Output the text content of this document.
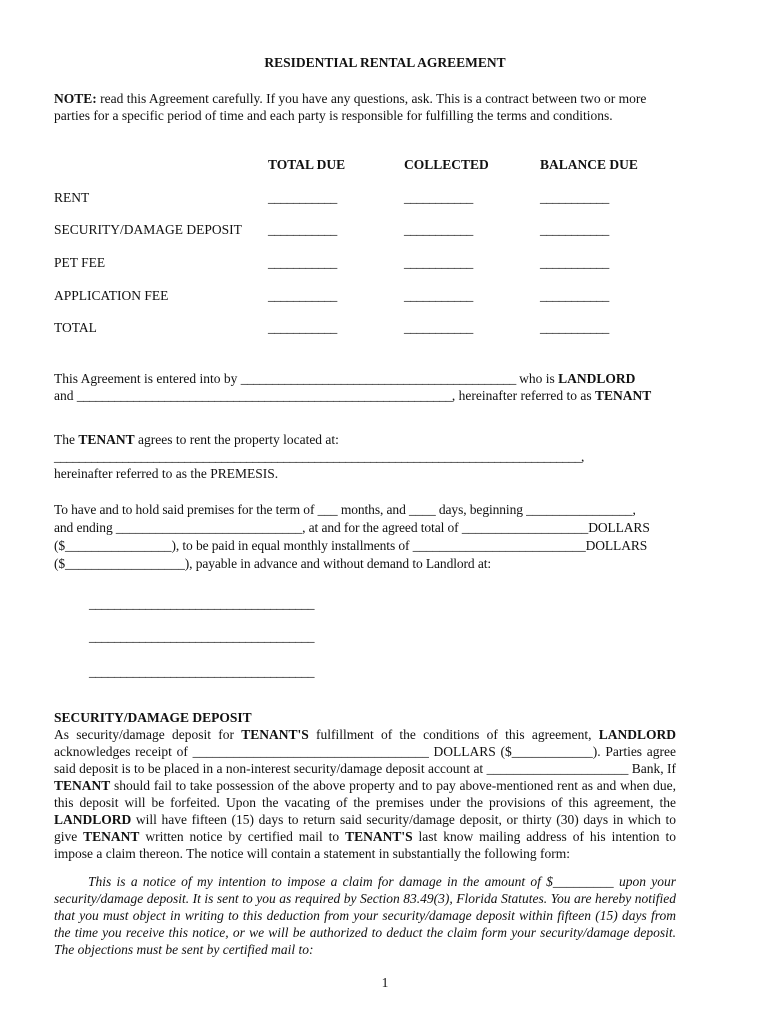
RESIDENTIAL RENTAL AGREEMENT
NOTE: read this Agreement carefully. If you have any questions, ask. This is a contract between two or more parties for a specific period of time and each party is responsible for fulfilling the terms and conditions.
TOTAL DUE	COLLECTED	BALANCE DUE
RENT	___________	___________	___________
SECURITY/DAMAGE DEPOSIT ___________	___________	___________
PET FEE	___________	___________	___________
APPLICATION FEE	___________	___________	___________
TOTAL	___________	___________	___________
This Agreement is entered into by ____________________________________________ who is LANDLORD
and ____________________________________________________________, hereinafter referred to as TENANT
The TENANT agrees to rent the property located at:
_____________________________________________________________________________________,
hereinafter referred to as the PREMESIS.
To have and to hold said premises for the term of ___ months, and ____ days, beginning ________________,
and ending ____________________________, at and for the agreed total of ___________________DOLLARS
($________________), to be paid in equal monthly installments of __________________________DOLLARS
($__________________), payable in advance and without demand to Landlord at:
____________________________________
____________________________________
____________________________________
SECURITY/DAMAGE DEPOSIT
As security/damage deposit for TENANT'S fulfillment of the conditions of this agreement, LANDLORD acknowledges receipt of ___________________________________ DOLLARS ($____________). Parties agree said deposit is to be placed in a non-interest security/damage deposit account at _____________________ Bank, If TENANT should fail to take possession of the above property and to pay above-mentioned rent as and when due, this deposit will be forfeited. Upon the vacating of the premises under the provisions of this agreement, the LANDLORD will have fifteen (15) days to return said security/damage deposit, or thirty (30) days in which to give TENANT written notice by certified mail to TENANT'S last know mailing address of his intention to impose a claim thereon. The notice will contain a statement in substantially the following form:
This is a notice of my intention to impose a claim for damage in the amount of $_________ upon your security/damage deposit. It is sent to you as required by Section 83.49(3), Florida Statutes. You are hereby notified that you must object in writing to this deduction from your security/damage deposit within fifteen (15) days from the time you receive this notice, or we will be authorized to deduct the claim form your security/damage deposit. The objections must be sent by certified mail to:
1
